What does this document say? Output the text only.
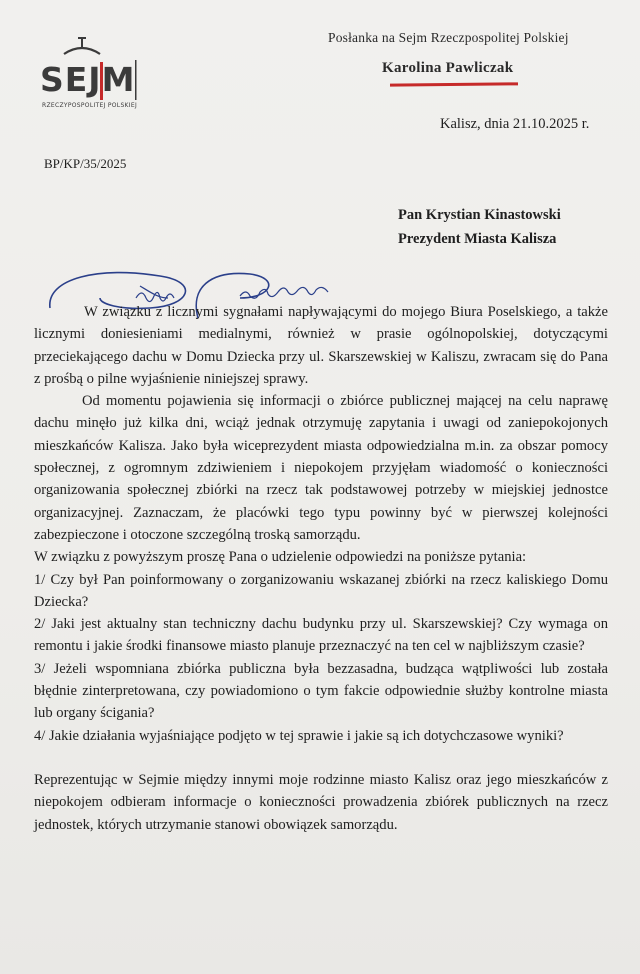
SEJM
RZECZYPOSPOLITEJ POLSKIEJ
Posłanka na Sejm Rzeczpospolitej Polskiej
Karolina Pawliczak
Kalisz, dnia 21.10.2025 r.
BP/KP/35/2025
Pan Krystian Kinastowski
Prezydent Miasta Kalisza

W związku z licznymi sygnałami napływającymi do mojego Biura Poselskiego, a także licznymi doniesieniami medialnymi, również w prasie ogólnopolskiej, dotyczącymi przeciekającego dachu w Domu Dziecka przy ul. Skarszewskiej w Kaliszu, zwracam się do Pana z prośbą o pilne wyjaśnienie niniejszej sprawy.

Od momentu pojawienia się informacji o zbiórce publicznej mającej na celu naprawę dachu minęło już kilka dni, wciąż jednak otrzymuję zapytania i uwagi od zaniepokojonych mieszkańców Kalisza. Jako była wiceprezydent miasta odpowiedzialna m.in. za obszar pomocy społecznej, z ogromnym zdziwieniem i niepokojem przyjęłam wiadomość o konieczności organizowania społecznej zbiórki na rzecz tak podstawowej potrzeby w miejskiej jednostce organizacyjnej. Zaznaczam, że placówki tego typu powinny być w pierwszej kolejności zabezpieczone i otoczone szczególną troską samorządu.

W związku z powyższym proszę Pana o udzielenie odpowiedzi na poniższe pytania:

1/ Czy był Pan poinformowany o zorganizowaniu wskazanej zbiórki na rzecz kaliskiego Domu Dziecka?

2/ Jaki jest aktualny stan techniczny dachu budynku przy ul. Skarszewskiej? Czy wymaga on remontu i jakie środki finansowe miasto planuje przeznaczyć na ten cel w najbliższym czasie?

3/ Jeżeli wspomniana zbiórka publiczna była bezzasadna, budząca wątpliwości lub została błędnie zinterpretowana, czy powiadomiono o tym fakcie odpowiednie służby kontrolne miasta lub organy ścigania?

4/ Jakie działania wyjaśniające podjęto w tej sprawie i jakie są ich dotychczasowe wyniki?

Reprezentując w Sejmie między innymi moje rodzinne miasto Kalisz oraz jego mieszkańców z niepokojem odbieram informacje o konieczności prowadzenia zbiórek publicznych na rzecz jednostek, których utrzymanie stanowi obowiązek samorządu.
